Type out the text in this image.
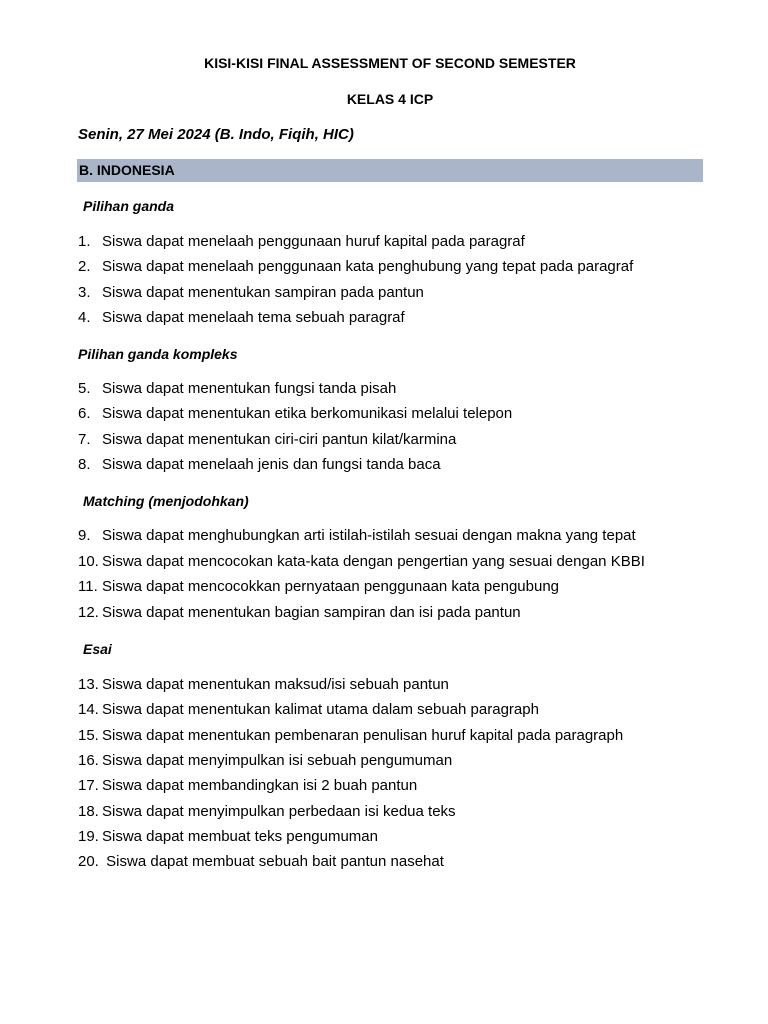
KISI-KISI FINAL ASSESSMENT OF SECOND SEMESTER
KELAS 4 ICP
Senin, 27 Mei 2024 (B. Indo, Fiqih, HIC)
B. INDONESIA
Pilihan ganda
1. Siswa dapat menelaah penggunaan huruf kapital pada paragraf
2. Siswa dapat menelaah penggunaan kata penghubung yang tepat pada paragraf
3. Siswa dapat menentukan sampiran pada pantun
4. Siswa dapat menelaah tema sebuah paragraf
Pilihan ganda kompleks
5. Siswa dapat menentukan fungsi tanda pisah
6. Siswa dapat menentukan etika berkomunikasi melalui telepon
7. Siswa dapat menentukan ciri-ciri pantun kilat/karmina
8. Siswa dapat menelaah jenis dan fungsi tanda baca
Matching (menjodohkan)
9. Siswa dapat menghubungkan arti istilah-istilah sesuai dengan makna yang tepat
10. Siswa dapat mencocokan kata-kata dengan pengertian yang sesuai dengan KBBI
11. Siswa dapat mencocokkan pernyataan penggunaan kata pengubung
12. Siswa dapat menentukan bagian sampiran dan isi pada pantun
Esai
13. Siswa dapat menentukan maksud/isi sebuah pantun
14. Siswa dapat menentukan kalimat utama dalam sebuah paragraph
15. Siswa dapat menentukan pembenaran penulisan huruf kapital pada paragraph
16. Siswa dapat menyimpulkan isi sebuah pengumuman
17. Siswa dapat membandingkan isi 2 buah pantun
18. Siswa dapat menyimpulkan perbedaan isi kedua teks
19. Siswa dapat membuat teks pengumuman
20. Siswa dapat membuat sebuah bait pantun nasehat
